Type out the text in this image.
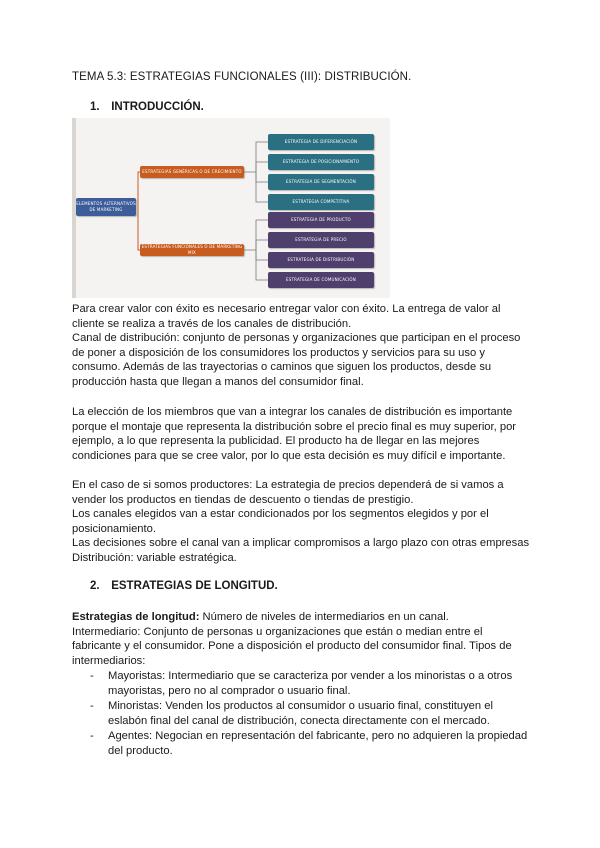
TEMA 5.3: ESTRATEGIAS FUNCIONALES (III): DISTRIBUCIÓN.
1. INTRODUCCIÓN.
ELEMENTOS ALTERNATIVOS DE MARKETING
ESTRATEGIAS GENÉRICAS O DE CRECIMIENTO
ESTRATEGIAS FUNCIONALES O DE MARKETING MIX
ESTRATEGIA DE DIFERENCIACIÓN
ESTRATEGIA DE POSICIONAMIENTO
ESTRATEGIA DE SEGMENTACIÓN
ESTRATEGIA COMPETITIVA
ESTRATEGIA DE PRODUCTO
ESTRATEGIA DE PRECIO
ESTRATEGIA DE DISTRIBUCIÓN
ESTRATEGIA DE COMUNICACIÓN

Para crear valor con éxito es necesario entregar valor con éxito. La entrega de valor al cliente se realiza a través de los canales de distribución.

Canal de distribución: conjunto de personas y organizaciones que participan en el proceso de poner a disposición de los consumidores los productos y servicios para su uso y consumo. Además de las trayectorias o caminos que siguen los productos, desde su producción hasta que llegan a manos del consumidor final.

La elección de los miembros que van a integrar los canales de distribución es importante porque el montaje que representa la distribución sobre el precio final es muy superior, por ejemplo, a lo que representa la publicidad. El producto ha de llegar en las mejores condiciones para que se cree valor, por lo que esta decisión es muy difícil e importante.

En el caso de si somos productores: La estrategia de precios dependerá de si vamos a vender los productos en tiendas de descuento o tiendas de prestigio.

Los canales elegidos van a estar condicionados por los segmentos elegidos y por el posicionamiento.

Las decisiones sobre el canal van a implicar compromisos a largo plazo con otras empresas

Distribución: variable estratégica.

2. ESTRATEGIAS DE LONGITUD.

Estrategias de longitud: Número de niveles de intermediarios en un canal.

Intermediario: Conjunto de personas u organizaciones que están o median entre el fabricante y el consumidor. Pone a disposición el producto del consumidor final. Tipos de intermediarios:

- Mayoristas: Intermediario que se caracteriza por vender a los minoristas o a otros mayoristas, pero no al comprador o usuario final.
- Minoristas: Venden los productos al consumidor o usuario final, constituyen el eslabón final del canal de distribución, conecta directamente con el mercado.
- Agentes: Negocian en representación del fabricante, pero no adquieren la propiedad del producto.
